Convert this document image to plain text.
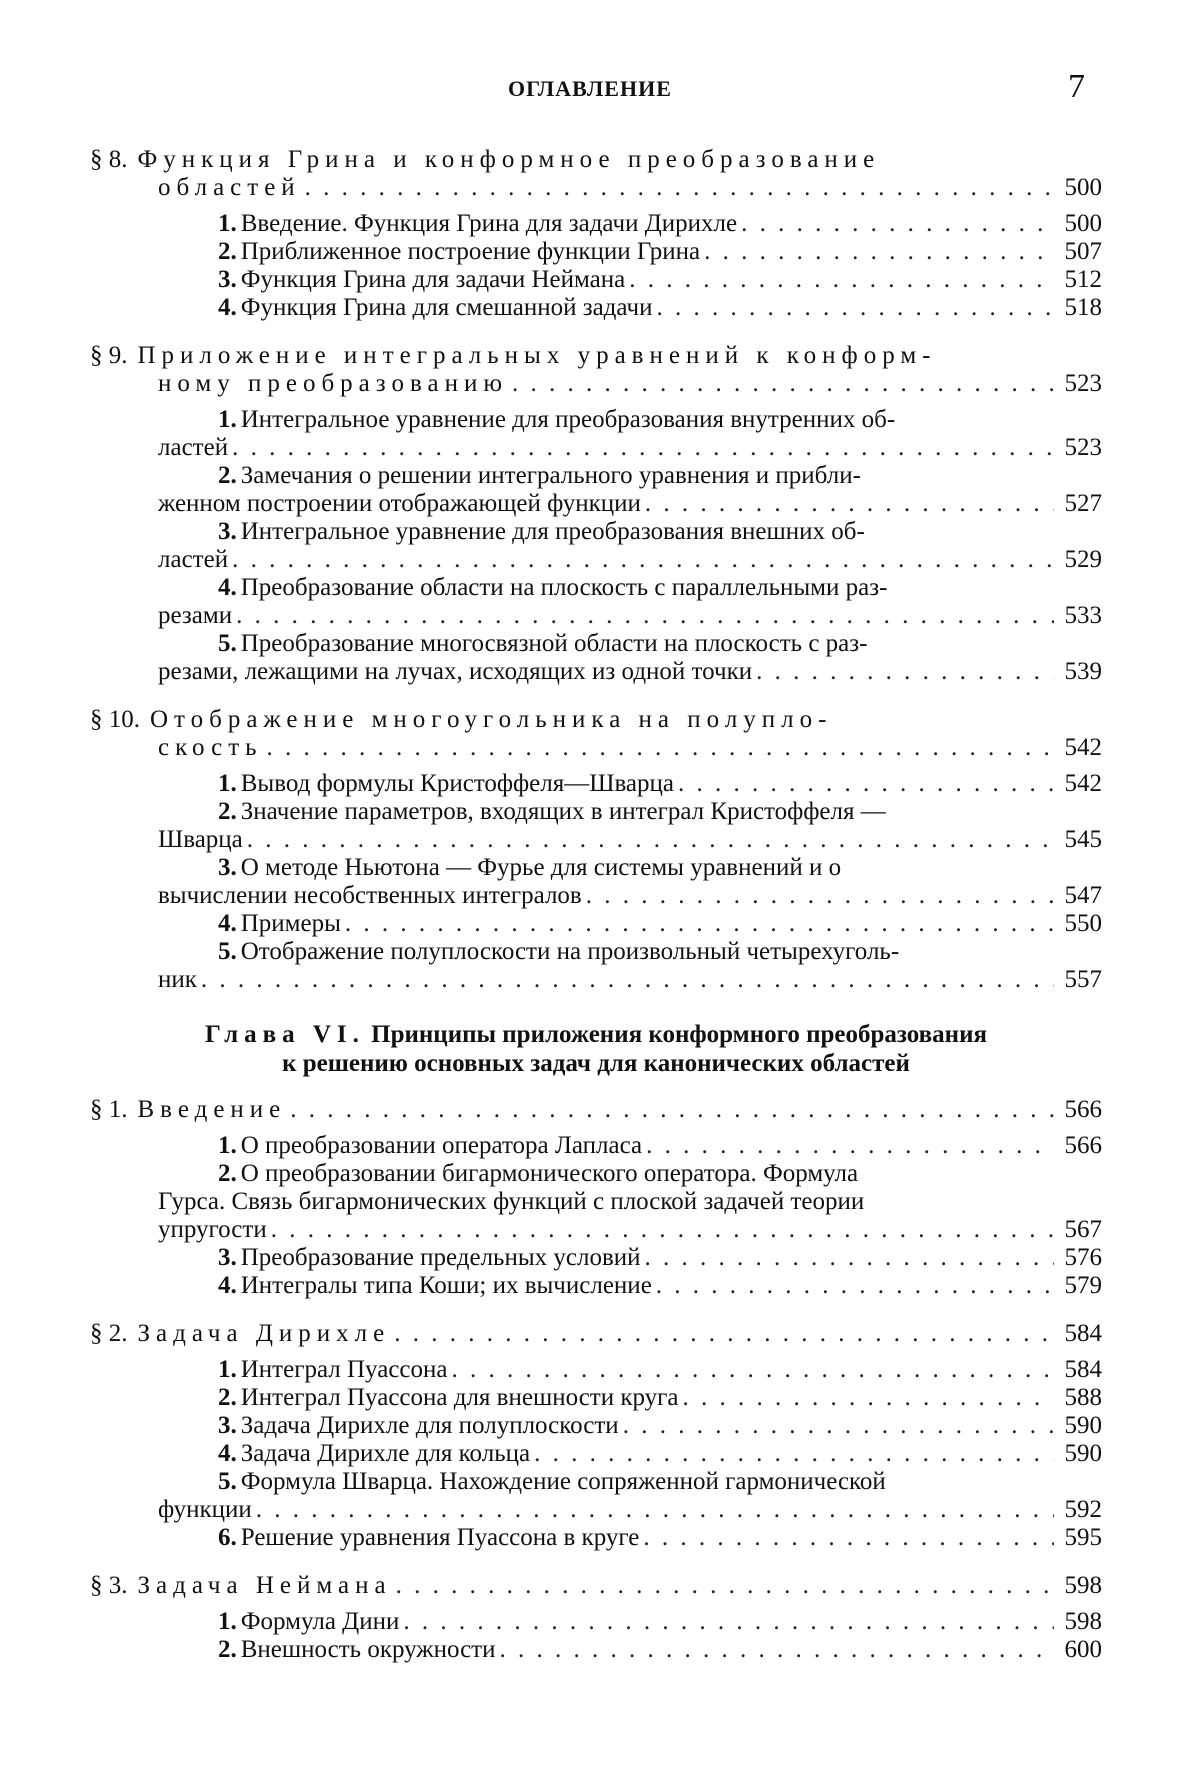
ОГЛАВЛЕНИЕ	7
§ 8. Функция Грина и конформное преобразование
областей . . .	500
1. Введение. Функция Грина для задачи Дирихле . . .	500
2. Приближенное построение функции Грина . . .	507
3. Функция Грина для задачи Неймана . . .	512
4. Функция Грина для смешанной задачи . . .	518
§ 9. Приложение интегральных уравнений к конформ-
ному преобразованию . . .	523
1. Интегральное уравнение для преобразования внутренних об-
ластей . . .	523
2. Замечания о решении интегрального уравнения и прибли-
женном построении отображающей функции . . .	527
3. Интегральное уравнение для преобразования внешних об-
ластей . . .	529
4. Преобразование области на плоскость с параллельными раз-
резами . . .	533
5. Преобразование многосвязной области на плоскость с раз-
резами, лежащими на лучах, исходящих из одной точки . . .	539
§ 10. Отображение многоугольника на полупло-
скость . . .	542
1. Вывод формулы Кристоффеля—Шварца . . .	542
2. Значение параметров, входящих в интеграл Кристоффеля —
Шварца . . .	545
3. О методе Ньютона — Фурье для системы уравнений и о
вычислении несобственных интегралов . . .	547
4. Примеры . . .	550
5. Отображение полуплоскости на произвольный четырехуголь-
ник . . .	557
Глава VI. Принципы приложения конформного преобразования
к решению основных задач для канонических областей
§ 1. Введение . . .	566
1. О преобразовании оператора Лапласа . . .	566
2. О преобразовании бигармонического оператора. Формула
Гурса. Связь бигармонических функций с плоской задачей теории
упругости . . .	567
3. Преобразование предельных условий . . .	576
4. Интегралы типа Коши; их вычисление . . .	579
§ 2. Задача Дирихле . . .	584
1. Интеграл Пуассона . . .	584
2. Интеграл Пуассона для внешности круга . . .	588
3. Задача Дирихле для полуплоскости . . .	590
4. Задача Дирихле для кольца . . .	590
5. Формула Шварца. Нахождение сопряженной гармонической
функции . . .	592
6. Решение уравнения Пуассона в круге . . .	595
§ 3. Задача Неймана . . .	598
1. Формула Дини . . .	598
2. Внешность окружности . . .	600
